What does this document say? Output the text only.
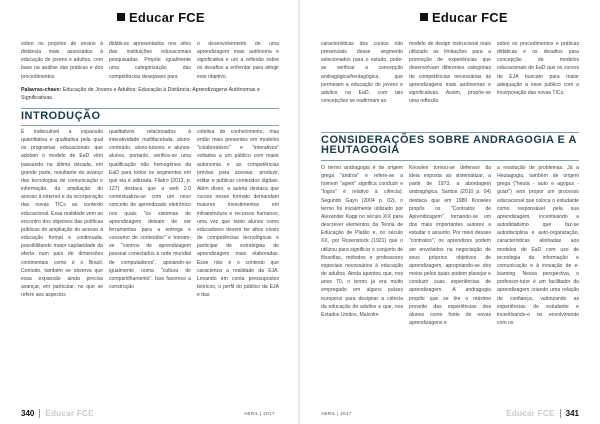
Educar FCE
sobre os projetos de ensino à distância mais associados à educação de jovens e adultos, com base na análise das práticas e dos procedimentos
didáticos apresentados nos sites das instituições educacionais pesquisadas. Propõe igualmente uma categorização das competências desejáveis para
o desenvolvimento de uma aprendizagem mais autônoma e significativa e um a reflexão sobre os desafios a enfrentar para atingir este objetivo.
Palavras-chave: Educação de Jovens e Adultos; Educação à Distância; Aprendizagens Autônomas e Significativas.
INTRODUÇÃO
É indiscutível a expansão quantitativa e qualitativa pela qual os programas educacionais que adotam o modelo de EaD vêm passando na última década, em grande parte, resultante do avanço das tecnologias de comunicação e informação, da ampliação do acesso à internet e da incorporação das novas TICs ao contexto educacional. Essa realidade vem ao encontro dos objetivos das políticas públicas de ampliação do acesso à educação formal e continuada, possibilitando maior capilaridade da oferta num país de dimensões continentais como é o Brasil. Contudo, também se observa que essa expansão ainda precisa avançar, em particular, no que se refere aos aspectos
qualitativos relacionados à interatividade multifacetada, aluno-conteúdo, aluno-tutores e alunos-alunos, portanto, verifica-se uma qualificação não homogênea da EaD para todos os segmentos em que ela é utilizada. Filatro (2013, p. 127) destaca que a web 2.0 contextualiza-se com um novo conceito de aprendizado eletrônico nos quais "os sistemas de aprendizagem deixam de ser ferramentas para a entrega e consumo de conteúdos" e tornam-se "centros de aprendizagem pessoal conectados à rede mundial de computadores", apoiando-se igualmente numa "cultura de compartilhamento". Isso favorece a construção
coletiva do conhecimento, mas então mais presentes em modelos "colaborativos" e "interativos" voltados a um público com maior autonomia e as competências prévias para acessar, produzir, editar e publicar conteúdos digitais. Além disso, a autora destaca que cursos nesse formato demandam maiores investimentos em infraestrutura e recursos humanos, uma vez que tanto alunos como educadores devem ter altos níveis de competências tecnológicas e participar de estratégias de aprendizagem mais elaboradas. Esse não é o contexto que caracteriza a realidade da EJA. Levando em conta pressupostos teóricos, o perfil do público da EJA e das
340 Educar FCE	ABRIL | 2017
Educar FCE
características dos cursos não presenciais desse segmento selecionados para o estudo, pode-se verificar a concepção andragógica/heutagógica, que permeiam a educação de jovens e adultos na EaD, com tais concepções se reafirmam ao
modelo de design instrucional mais utilizado as limitações para a promoção de experiências que desenvolvam diferentes categorias de competências necessárias às aprendizagens mais autônomas e significativas. Assim, propõe-se uma reflexão
sobre os procedimentos e práticas didáticas e os desafios para concepção de modelos educacionais de EaD que os cursos de EJA buscam para maior adequação a esse público com a incorporação das novas TICs.
CONSIDERAÇÕES SOBRE ANDRAGOGIA E A HEUTAGOGIA
O termo andragogia é de origem grega "andros" e refere-se a homem "agein" significa conduzir e "logos" é relativo à ciência). Segundo Gayo (2004 p. 02), o termo foi inicialmente utilizado por Alexander Kapp no século XIX para descrever elementos da Teoria de Educação de Platão e, no século XX, por Rosenstock (1921) que o utilizou para significar o conjunto de filosofias, métodos e professores especiais necessários à educação de adultos. Ainda apontou que, nos anos 70, o termo já era muito empregado em alguns países europeus para designar a ciência da educação de adultos e que, nos Estados Unidos, Malcolm
Knowles tornou-se defensor da ideia exposta ao sistematizar, a partir de 1973, a abordagem andragógica. Santos (2010 p. 04) destaca que em 1980 Knowles propôs os "Contratos de Aprendizagem", tornando-se um dos mais importantes autores a estudar o assunto. Por meio desses "contratos", os aprendizes podem ser envolvidos na negociação de seus próprios objetivos de aprendizagem, apropriando-se dos meios pelos quais podem planejar e conduzir suas experiências de aprendizagem. A andragogia propõe que se tire o máximo proveito das experiências dos alunos como fonte de novas aprendizagens e
a resolução de problemas. Já a Heutagogia, também de origem grega ("heuta - auto e agogus - guiar") vem propor um processo educacional que coloca o estudante como responsável pela sua aprendizagem, incentivando a autodidatismo que faz-se autodisciplina e auto-organização, características alinhadas aos modelos de EaD com uso de tecnologia da informação e comunicação e à inovação de e-learning. Nessa perspectiva, o professor-tutor é um facilitador da aprendizagem criando uma relação de confiança, valorizando as experiências do estudante e incentivando-o no envolvimento com os
ABRIL | 2017	Educar FCE 341
